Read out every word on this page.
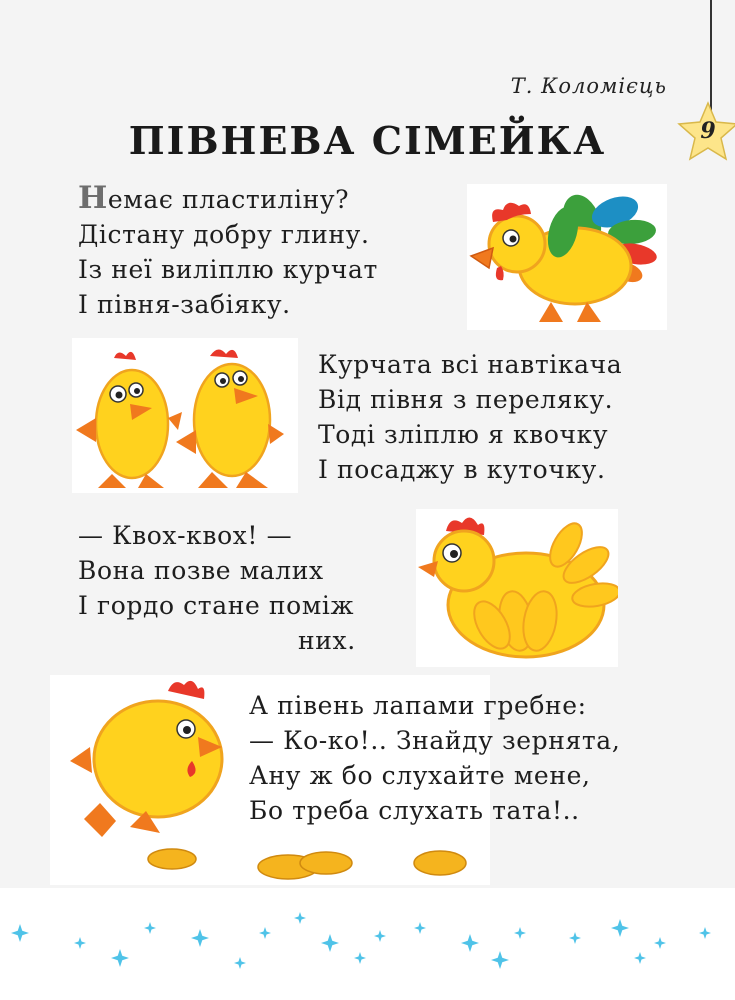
9
Т. Коломієць
ПІВНЕВА СІМЕЙКА
Немає пластиліну?
Дістану добру глину.
Із неї виліплю курчат
І півня-забіяку.
Курчата всі навтікача
Від півня з переляку.
Тоді зліплю я квочку
І посаджу в куточку.
— Квох-квох! —
Вона позве малих
І гордо стане поміж
них.
А півень лапами гребне:
— Ко-ко!.. Знайду зернята,
Ану ж бо слухайте мене,
Бо треба слухать тата!..
